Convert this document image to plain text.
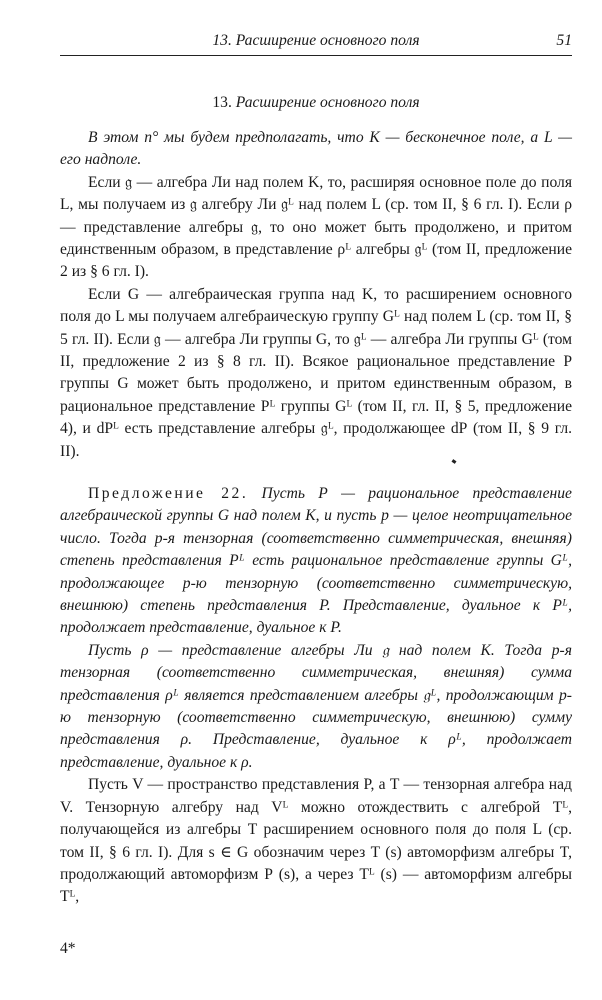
13. Расширение основного поля	51
13. Расширение основного поля

В этом n° мы будем предполагать, что K — бесконечное поле, а L — его надполе.

Если 𝔤 — алгебра Ли над полем K, то, расширяя основное поле до поля L, мы получаем из 𝔤 алгебру Ли 𝔤ᴸ над полем L (ср. том II, § 6 гл. I). Если ρ — представление алгебры 𝔤, то оно может быть продолжено, и притом единственным образом, в представление ρᴸ алгебры 𝔤ᴸ (том II, предложение 2 из § 6 гл. I).

Если G — алгебраическая группа над K, то расширением основного поля до L мы получаем алгебраическую группу Gᴸ над полем L (ср. том II, § 5 гл. II). Если 𝔤 — алгебра Ли группы G, то 𝔤ᴸ — алгебра Ли группы Gᴸ (том II, предложение 2 из § 8 гл. II). Всякое рациональное представление Ρ группы G может быть продолжено, и притом единственным образом, в рациональное представление Ρᴸ группы Gᴸ (том II, гл. II, § 5, предложение 4), и dΡᴸ есть представление алгебры 𝔤ᴸ, продолжающее dΡ (том II, § 9 гл. II).

Предложение 22. Пусть Ρ — рациональное представление алгебраической группы G над полем K, и пусть p — целое неотрицательное число. Тогда p-я тензорная (соответственно симметрическая, внешняя) степень представления Ρᴸ есть рациональное представление группы Gᴸ, продолжающее p-ю тензорную (соответственно симметрическую, внешнюю) степень представления Ρ. Представление, дуальное к Ρᴸ, продолжает представление, дуальное к Ρ.

Пусть ρ — представление алгебры Ли 𝔤 над полем K. Тогда p-я тензорная (соответственно симметрическая, внешняя) сумма представления ρᴸ является представлением алгебры 𝔤ᴸ, продолжающим p-ю тензорную (соответственно симметрическую, внешнюю) сумму представления ρ. Представление, дуальное к ρᴸ, продолжает представление, дуальное к ρ.

Пусть V — пространство представления Ρ, а T — тензорная алгебра над V. Тензорную алгебру над Vᴸ можно отождествить с алгеброй Tᴸ, получающейся из алгебры T расширением основного поля до поля L (ср. том II, § 6 гл. I). Для s ∈ G обозначим через Τ (s) автоморфизм алгебры T, продолжающий автоморфизм Ρ (s), а через Τᴸ (s) — автоморфизм алгебры Tᴸ,

4*
